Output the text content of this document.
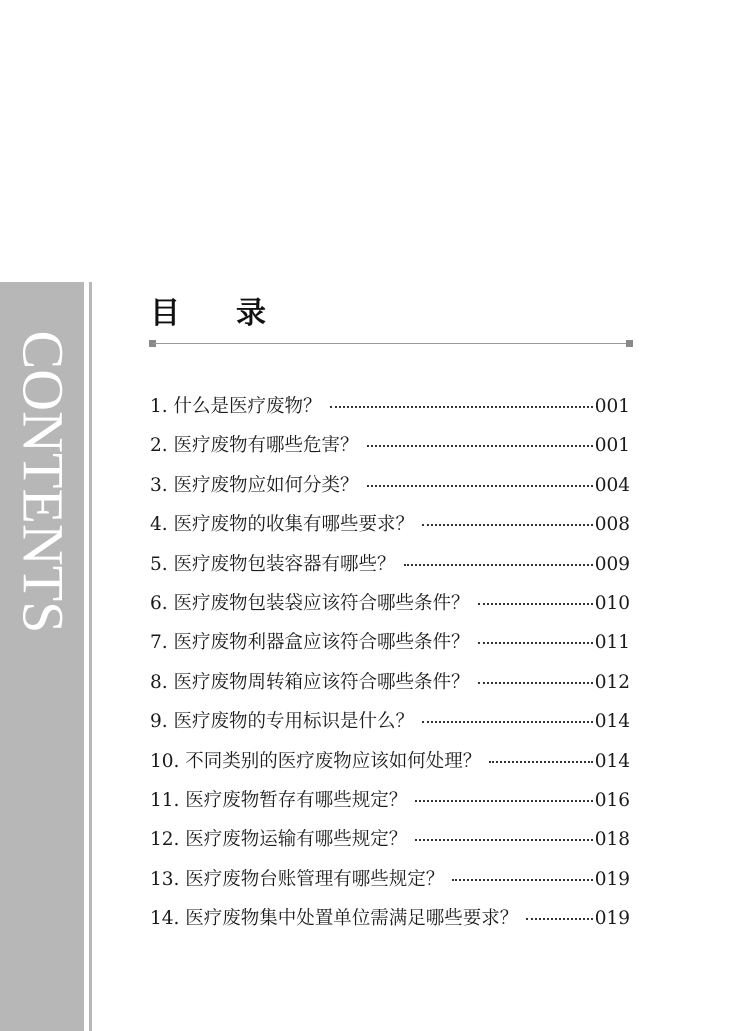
CONTENTS
目录
1. 什么是医疗废物？	001
2. 医疗废物有哪些危害？	001
3. 医疗废物应如何分类？	004
4. 医疗废物的收集有哪些要求？	008
5. 医疗废物包装容器有哪些？	009
6. 医疗废物包装袋应该符合哪些条件？	010
7. 医疗废物利器盒应该符合哪些条件？	011
8. 医疗废物周转箱应该符合哪些条件？	012
9. 医疗废物的专用标识是什么？	014
10. 不同类别的医疗废物应该如何处理？	014
11. 医疗废物暂存有哪些规定？	016
12. 医疗废物运输有哪些规定？	018
13. 医疗废物台账管理有哪些规定？	019
14. 医疗废物集中处置单位需满足哪些要求？	019
